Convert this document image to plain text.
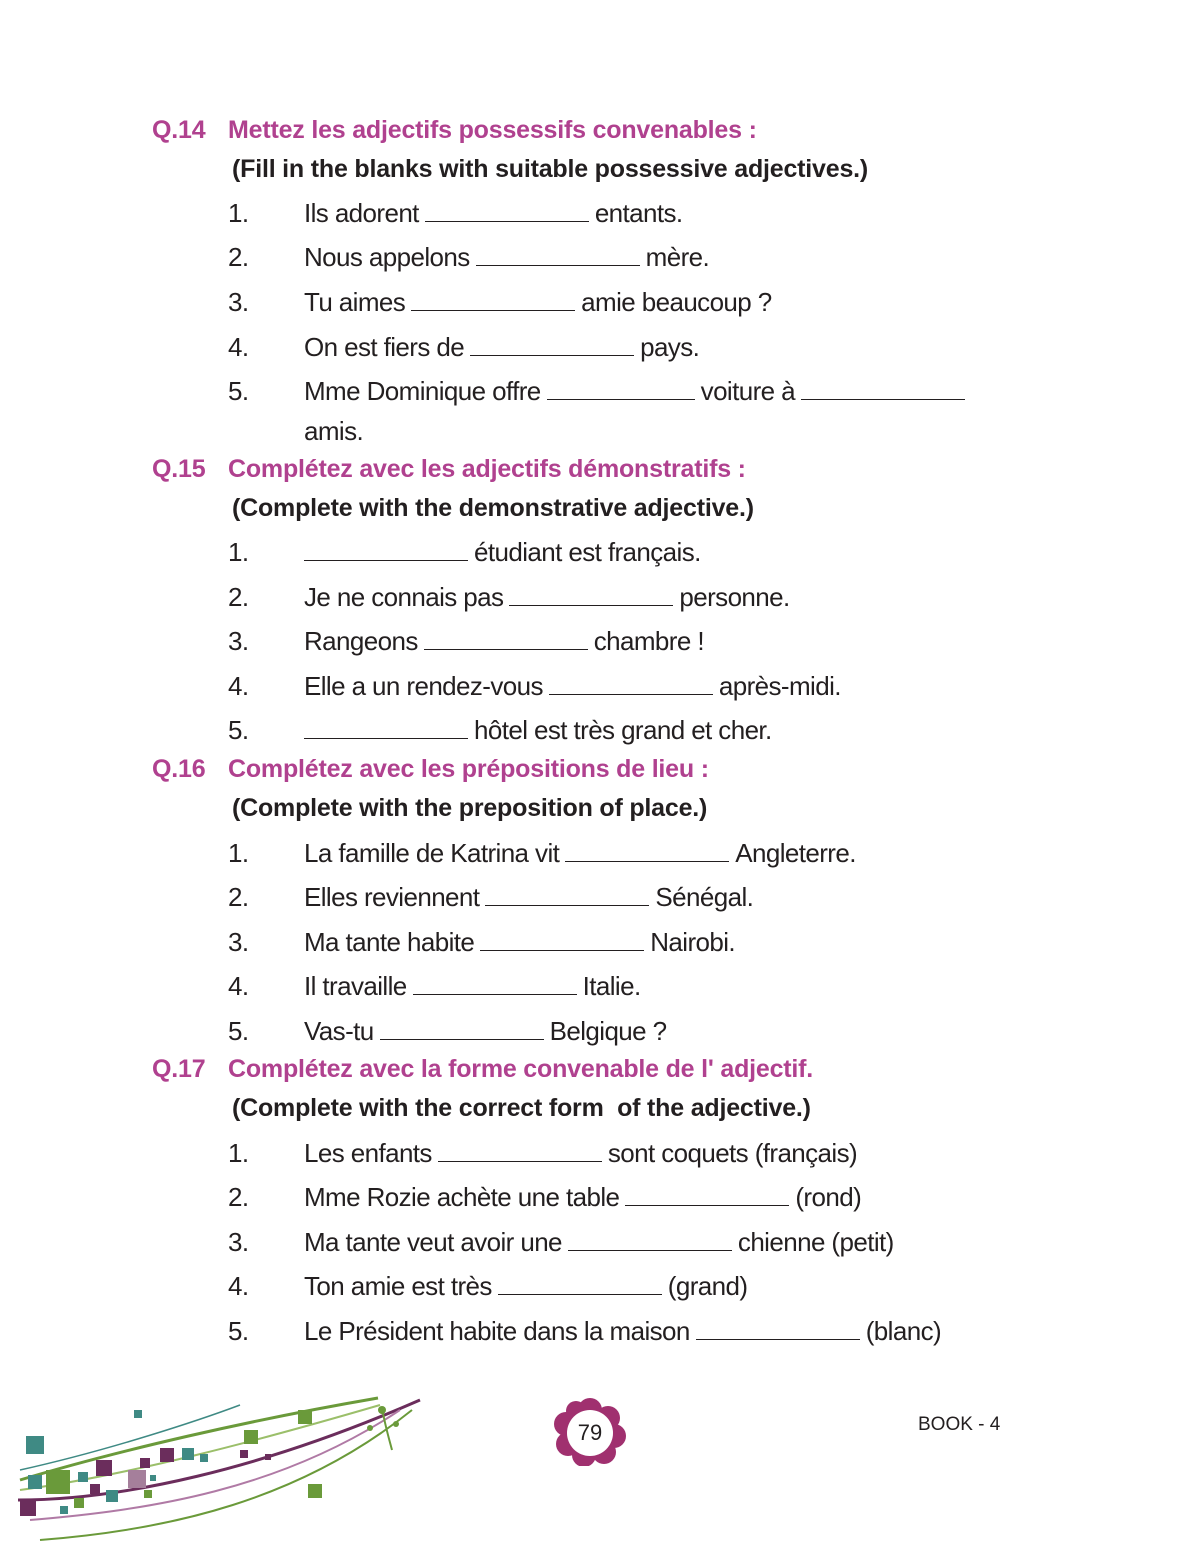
Q.14 Mettez les adjectifs possessifs convenables :
(Fill in the blanks with suitable possessive adjectives.)
1. Ils adorent	entants.
2. Nous appelons	mère.
3. Tu aimes	amie beaucoup ?
4. On est fiers de	pays.
5. Mme Dominique offre	voiture à
amis.
Q.15 Complétez avec les adjectifs démonstratifs :
(Complete with the demonstrative adjective.)
1.	étudiant est français.
2. Je ne connais pas	personne.
3. Rangeons	chambre !
4. Elle a un rendez-vous	après-midi.
5.	hôtel est très grand et cher.
Q.16 Complétez avec les prépositions de lieu :
(Complete with the preposition of place.)
1. La famille de Katrina vit	Angleterre.
2. Elles reviennent	Sénégal.
3. Ma tante habite	Nairobi.
4. Il travaille	Italie.
5. Vas-tu	Belgique ?
Q.17 Complétez avec la forme convenable de l' adjectif.
(Complete with the correct form  of the adjective.)
1. Les enfants	sont coquets (français)
2. Mme Rozie achète une table	(rond)
3. Ma tante veut avoir une	chienne (petit)
4. Ton amie est très	(grand)
5. Le Président habite dans la maison	(blanc)
79	BOOK - 4
